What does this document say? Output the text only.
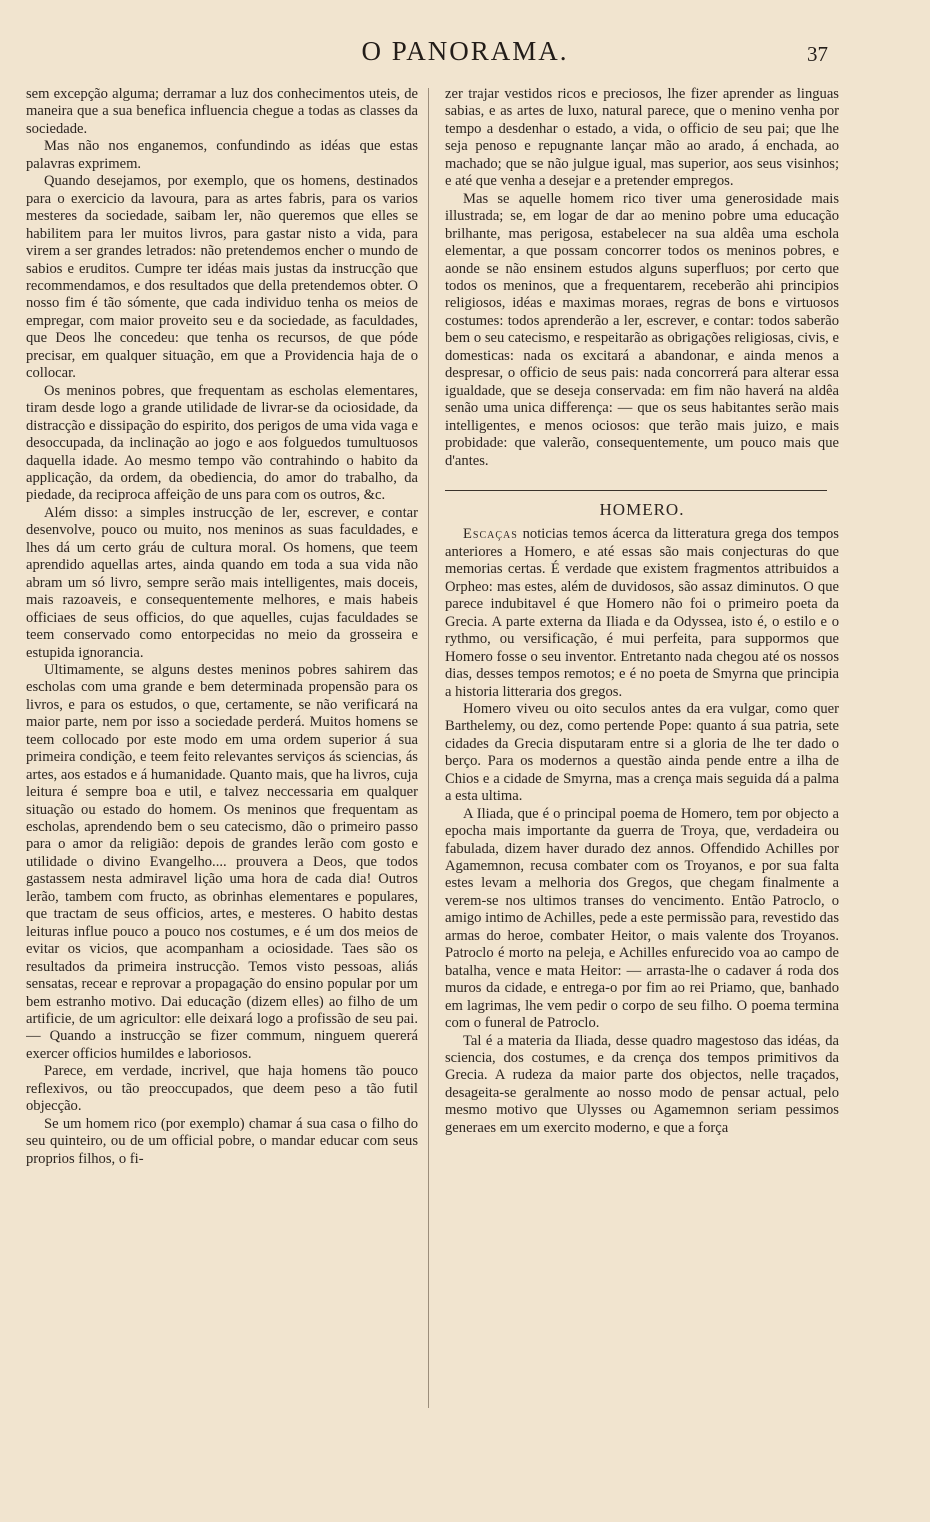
O PANORAMA.	37

sem excepção alguma; derramar a luz dos conhecimentos uteis, de maneira que a sua benefica influencia chegue a todas as classes da sociedade.

Mas não nos enganemos, confundindo as idéas que estas palavras exprimem.

Quando desejamos, por exemplo, que os homens, destinados para o exercicio da lavoura, para as artes fabris, para os varios mesteres da sociedade, saibam ler, não queremos que elles se habilitem para ler muitos livros, para gastar nisto a vida, para virem a ser grandes letrados: não pretendemos encher o mundo de sabios e eruditos. Cumpre ter idéas mais justas da instrucção que recommendamos, e dos resultados que della pretendemos obter. O nosso fim é tão sómente, que cada individuo tenha os meios de empregar, com maior proveito seu e da sociedade, as faculdades, que Deos lhe concedeu: que tenha os recursos, de que póde precisar, em qualquer situação, em que a Providencia haja de o collocar.

Os meninos pobres, que frequentam as escholas elementares, tiram desde logo a grande utilidade de livrar-se da ociosidade, da distracção e dissipação do espirito, dos perigos de uma vida vaga e desoccupada, da inclinação ao jogo e aos folguedos tumultuosos daquella idade. Ao mesmo tempo vão contrahindo o habito da applicação, da ordem, da obediencia, do amor do trabalho, da piedade, da reciproca affeição de uns para com os outros, &c.

Além disso: a simples instrucção de ler, escrever, e contar desenvolve, pouco ou muito, nos meninos as suas faculdades, e lhes dá um certo gráu de cultura moral. Os homens, que teem aprendido aquellas artes, ainda quando em toda a sua vida não abram um só livro, sempre serão mais intelligentes, mais doceis, mais razoaveis, e consequentemente melhores, e mais habeis officiaes de seus officios, do que aquelles, cujas faculdades se teem conservado como entorpecidas no meio da grosseira e estupida ignorancia.

Ultimamente, se alguns destes meninos pobres sahirem das escholas com uma grande e bem determinada propensão para os livros, e para os estudos, o que, certamente, se não verificará na maior parte, nem por isso a sociedade perderá. Muitos homens se teem collocado por este modo em uma ordem superior á sua primeira condição, e teem feito relevantes serviços ás sciencias, ás artes, aos estados e á humanidade. Quanto mais, que ha livros, cuja leitura é sempre boa e util, e talvez neccessaria em qualquer situação ou estado do homem. Os meninos que frequentam as escholas, aprendendo bem o seu catecismo, dão o primeiro passo para o amor da religião: depois de grandes lerão com gosto e utilidade o divino Evangelho.... prouvera a Deos, que todos gastassem nesta admiravel lição uma hora de cada dia! Outros lerão, tambem com fructo, as obrinhas elementares e populares, que tractam de seus officios, artes, e mesteres. O habito destas leituras influe pouco a pouco nos costumes, e é um dos meios de evitar os vicios, que acompanham a ociosidade. Taes são os resultados da primeira instrucção. Temos visto pessoas, aliás sensatas, recear e reprovar a propagação do ensino popular por um bem estranho motivo. Dai educação (dizem elles) ao filho de um artificie, de um agricultor: elle deixará logo a profissão de seu pai. — Quando a instrucção se fizer commum, ninguem quererá exercer officios humildes e laboriosos.

Parece, em verdade, incrivel, que haja homens tão pouco reflexivos, ou tão preoccupados, que deem peso a tão futil objecção.

Se um homem rico (por exemplo) chamar á sua casa o filho do seu quinteiro, ou de um official pobre, o mandar educar com seus proprios filhos, o fi-

zer trajar vestidos ricos e preciosos, lhe fizer aprender as linguas sabias, e as artes de luxo, natural parece, que o menino venha por tempo a desdenhar o estado, a vida, o officio de seu pai; que lhe seja penoso e repugnante lançar mão ao arado, á enchada, ao machado; que se não julgue igual, mas superior, aos seus visinhos; e até que venha a desejar e a pretender empregos.

Mas se aquelle homem rico tiver uma generosidade mais illustrada; se, em logar de dar ao menino pobre uma educação brilhante, mas perigosa, estabelecer na sua aldêa uma eschola elementar, a que possam concorrer todos os meninos pobres, e aonde se não ensinem estudos alguns superfluos; por certo que todos os meninos, que a frequentarem, receberão ahi principios religiosos, idéas e maximas moraes, regras de bons e virtuosos costumes: todos aprenderão a ler, escrever, e contar: todos saberão bem o seu catecismo, e respeitarão as obrigações religiosas, civis, e domesticas: nada os excitará a abandonar, e ainda menos a despresar, o officio de seus pais: nada concorrerá para alterar essa igualdade, que se deseja conservada: em fim não haverá na aldêa senão uma unica differença: — que os seus habitantes serão mais intelligentes, e menos ociosos: que terão mais juizo, e mais probidade: que valerão, consequentemente, um pouco mais que d'antes.

HOMERO.

Escaças noticias temos ácerca da litteratura grega dos tempos anteriores a Homero, e até essas são mais conjecturas do que memorias certas. É verdade que existem fragmentos attribuidos a Orpheo: mas estes, além de duvidosos, são assaz diminutos. O que parece indubitavel é que Homero não foi o primeiro poeta da Grecia. A parte externa da Iliada e da Odyssea, isto é, o estilo e o rythmo, ou versificação, é mui perfeita, para suppormos que Homero fosse o seu inventor. Entretanto nada chegou até os nossos dias, desses tempos remotos; e é no poeta de Smyrna que principia a historia litteraria dos gregos.

Homero viveu ou oito seculos antes da era vulgar, como quer Barthelemy, ou dez, como pertende Pope: quanto á sua patria, sete cidades da Grecia disputaram entre si a gloria de lhe ter dado o berço. Para os modernos a questão ainda pende entre a ilha de Chios e a cidade de Smyrna, mas a crença mais seguida dá a palma a esta ultima.

A Iliada, que é o principal poema de Homero, tem por objecto a epocha mais importante da guerra de Troya, que, verdadeira ou fabulada, dizem haver durado dez annos. Offendido Achilles por Agamemnon, recusa combater com os Troyanos, e por sua falta estes levam a melhoria dos Gregos, que chegam finalmente a verem-se nos ultimos transes do vencimento. Então Patroclo, o amigo intimo de Achilles, pede a este permissão para, revestido das armas do heroe, combater Heitor, o mais valente dos Troyanos. Patroclo é morto na peleja, e Achilles enfurecido voa ao campo de batalha, vence e mata Heitor: — arrasta-lhe o cadaver á roda dos muros da cidade, e entrega-o por fim ao rei Priamo, que, banhado em lagrimas, lhe vem pedir o corpo de seu filho. O poema termina com o funeral de Patroclo.

Tal é a materia da Iliada, desse quadro magestoso das idéas, da sciencia, dos costumes, e da crença dos tempos primitivos da Grecia. A rudeza da maior parte dos objectos, nelle traçados, desageita-se geralmente ao nosso modo de pensar actual, pelo mesmo motivo que Ulysses ou Agamemnon seriam pessimos generaes em um exercito moderno, e que a força
